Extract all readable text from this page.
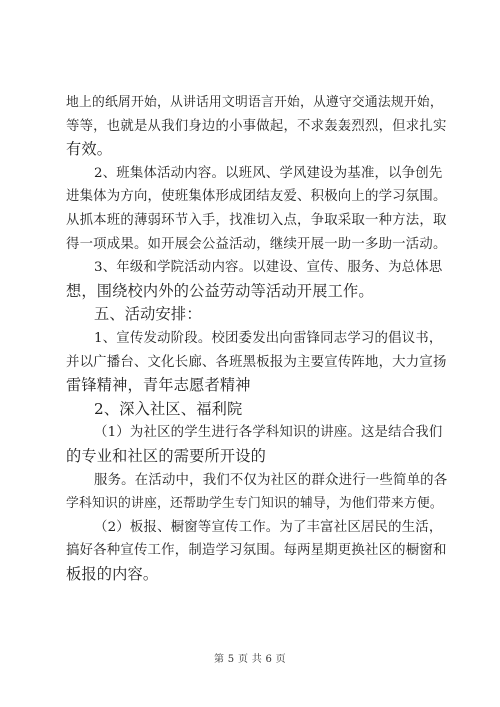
地上的纸屑开始，从讲话用文明语言开始，从遵守交通法规开始，
等等，也就是从我们身边的小事做起，不求轰轰烈烈，但求扎实
有效。
2、班集体活动内容。以班风、学风建设为基准，以争创先
进集体为方向，使班集体形成团结友爱、积极向上的学习氛围。
从抓本班的薄弱环节入手，找准切入点，争取采取一种方法，取
得一项成果。如开展会公益活动，继续开展一助一多助一活动。
3、年级和学院活动内容。以建设、宣传、服务、为总体思
想，围绕校内外的公益劳动等活动开展工作。
五、活动安排：
1、宣传发动阶段。校团委发出向雷锋同志学习的倡议书，
并以广播台、文化长廊、各班黑板报为主要宣传阵地，大力宣扬
雷锋精神，青年志愿者精神
2、深入社区、福利院
（1）为社区的学生进行各学科知识的讲座。这是结合我们
的专业和社区的需要所开设的
服务。在活动中，我们不仅为社区的群众进行一些简单的各
学科知识的讲座，还帮助学生专门知识的辅导，为他们带来方便。
（2）板报、橱窗等宣传工作。为了丰富社区居民的生活，
搞好各种宣传工作，制造学习氛围。每两星期更换社区的橱窗和
板报的内容。
第 5 页 共 6 页
